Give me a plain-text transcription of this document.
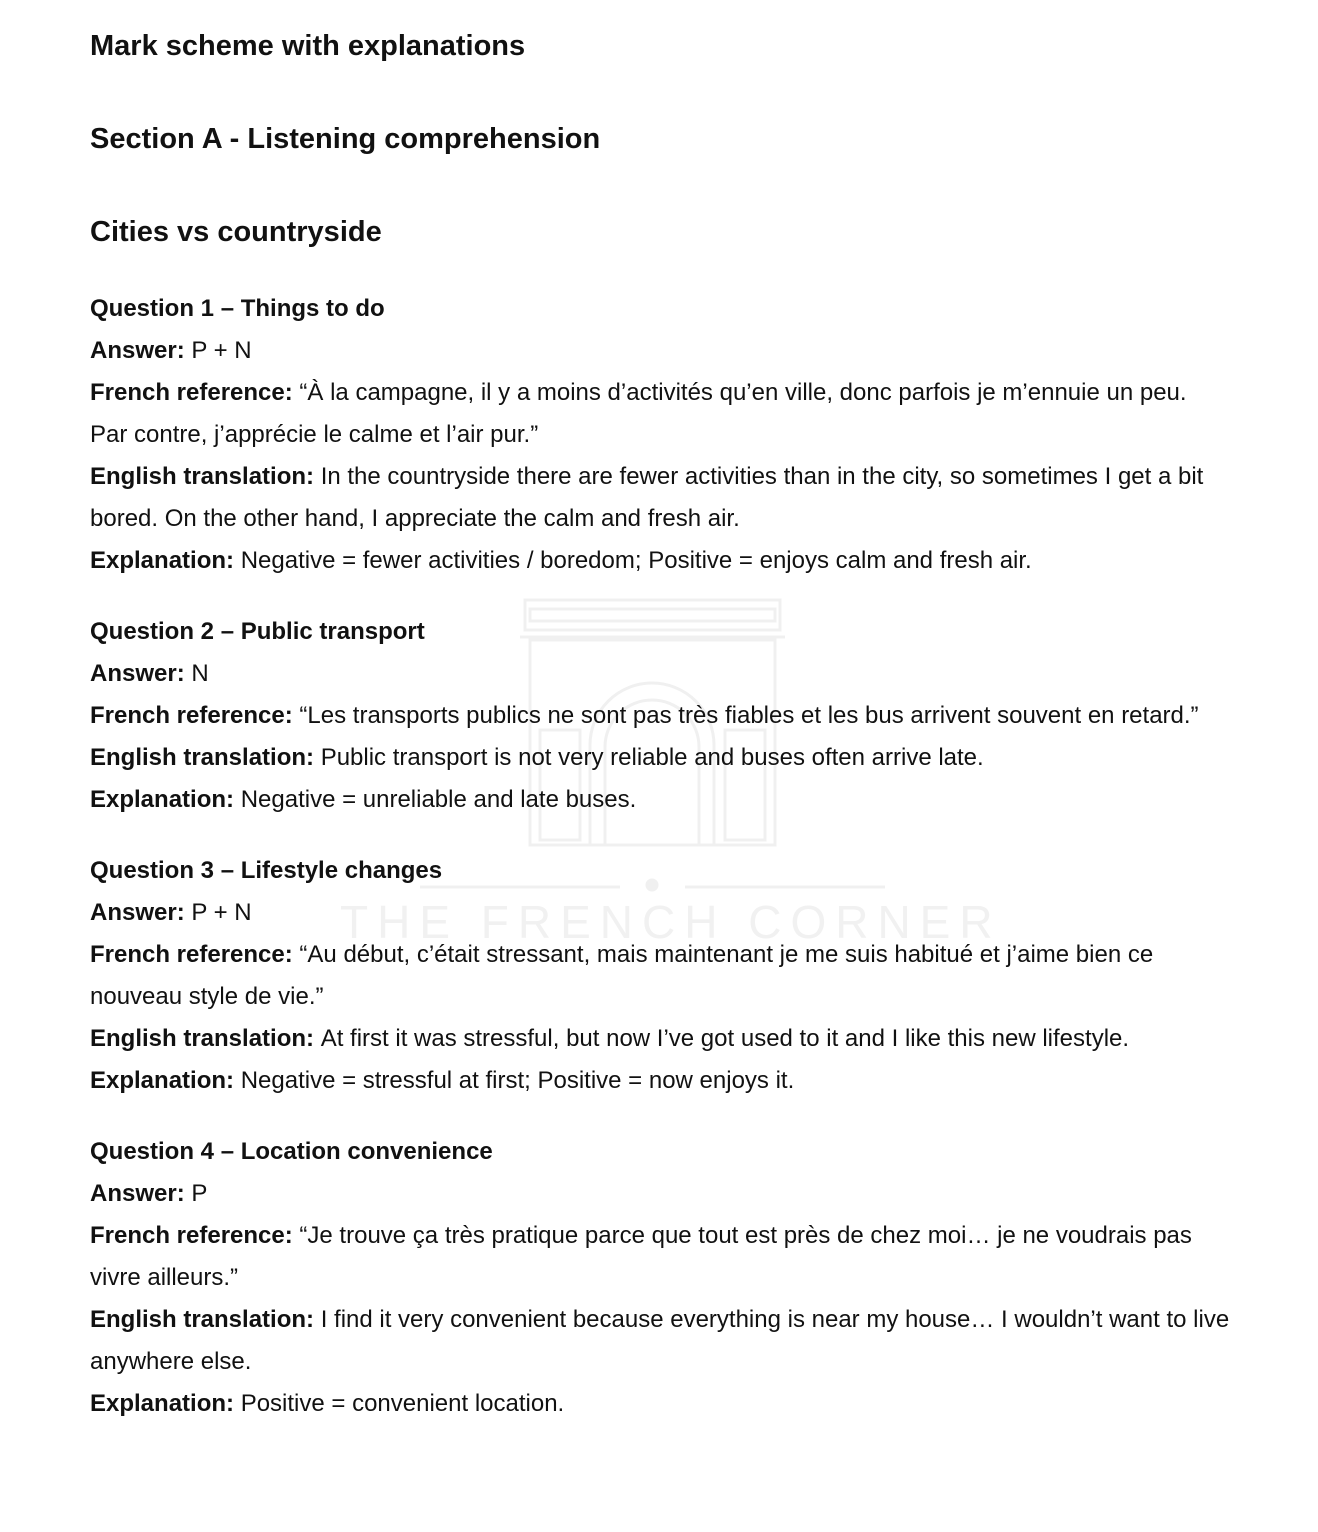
THE FRENCH CORNER
Mark scheme with explanations
Section A - Listening comprehension
Cities vs countryside
Question 1 – Things to do
Answer: P + N
French reference: “À la campagne, il y a moins d’activités qu’en ville, donc parfois je m’ennuie un peu. Par contre, j’apprécie le calme et l’air pur.”
English translation: In the countryside there are fewer activities than in the city, so sometimes I get a bit bored. On the other hand, I appreciate the calm and fresh air.
Explanation: Negative = fewer activities / boredom; Positive = enjoys calm and fresh air.
Question 2 – Public transport
Answer: N
French reference: “Les transports publics ne sont pas très fiables et les bus arrivent souvent en retard.”
English translation: Public transport is not very reliable and buses often arrive late.
Explanation: Negative = unreliable and late buses.
Question 3 – Lifestyle changes
Answer: P + N
French reference: “Au début, c’était stressant, mais maintenant je me suis habitué et j’aime bien ce nouveau style de vie.”
English translation: At first it was stressful, but now I’ve got used to it and I like this new lifestyle.
Explanation: Negative = stressful at first; Positive = now enjoys it.
Question 4 – Location convenience
Answer: P
French reference: “Je trouve ça très pratique parce que tout est près de chez moi… je ne voudrais pas vivre ailleurs.”
English translation: I find it very convenient because everything is near my house… I wouldn’t want to live anywhere else.
Explanation: Positive = convenient location.
